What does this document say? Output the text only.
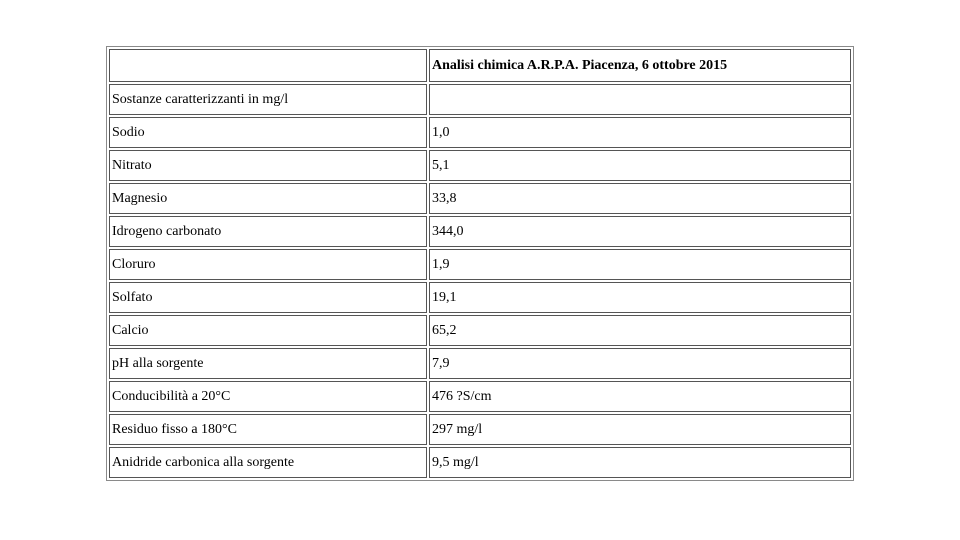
	Analisi chimica A.R.P.A. Piacenza, 6 ottobre 2015
Sostanze caratterizzanti in mg/l	
Sodio	1,0
Nitrato	5,1
Magnesio	33,8
Idrogeno carbonato	344,0
Cloruro	1,9
Solfato	19,1
Calcio	65,2
pH alla sorgente	7,9
Conducibilità a 20°C	476 ?S/cm
Residuo fisso a 180°C	297 mg/l
Anidride carbonica alla sorgente	9,5 mg/l
